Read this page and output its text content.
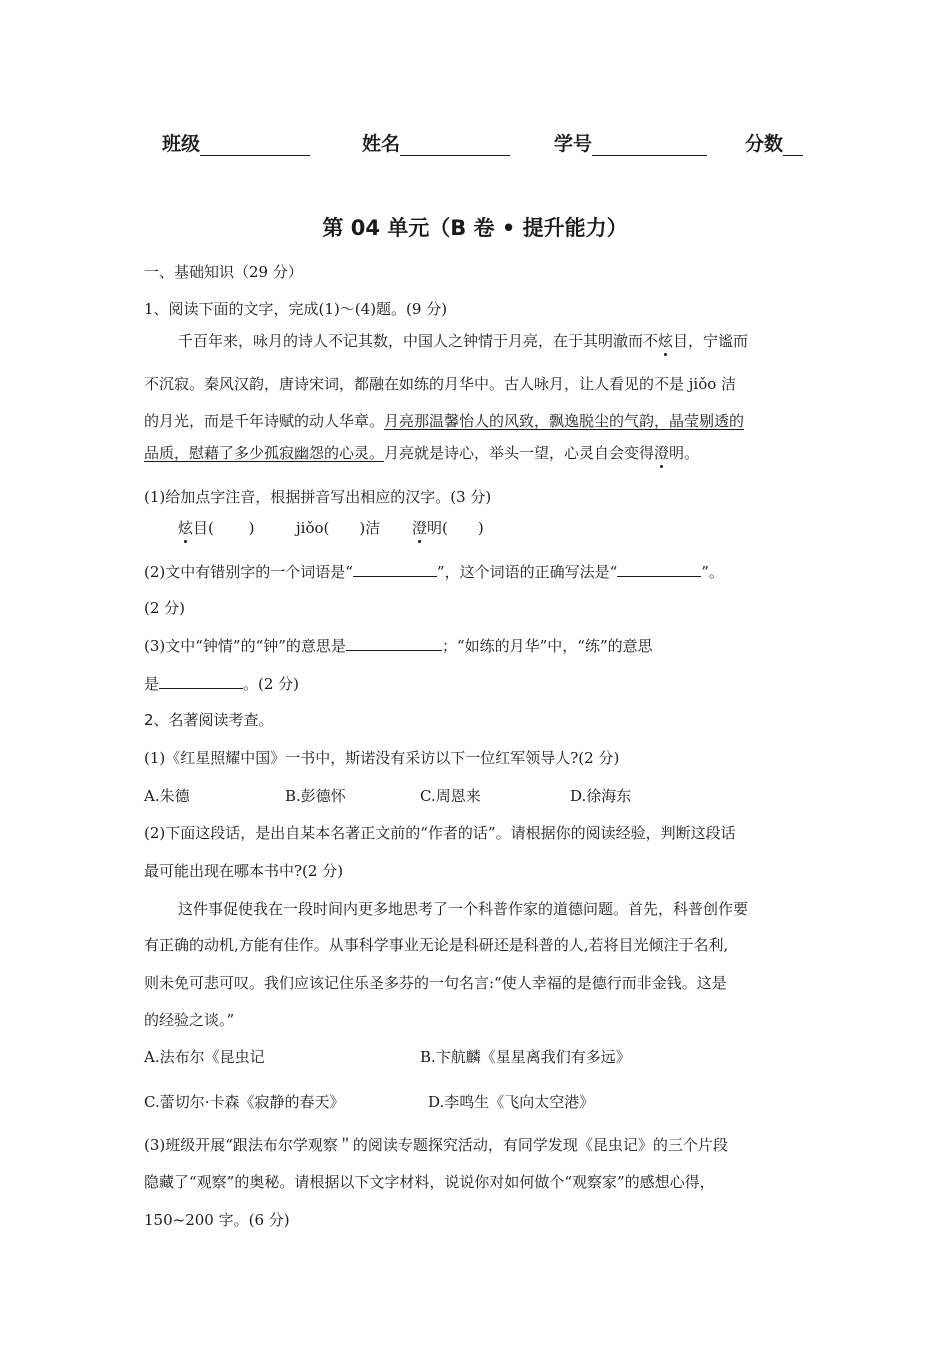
班级	姓名	学号	分数
第 04 单元（B 卷 • 提升能力）
一、基础知识（29 分）
1、阅读下面的文字，完成(1)～(4)题。(9 分)
千百年来，咏月的诗人不记其数，中国人之钟情于月亮，在于其明澈而不炫目，宁谧而
不沉寂。秦风汉韵，唐诗宋词，都融在如练的月华中。古人咏月，让人看见的不是 jiǒo 洁
的月光，而是千年诗赋的动人华章。月亮那温馨怡人的风致，飘逸脱尘的气韵，晶莹剔透的
品质，慰藉了多少孤寂幽怨的心灵。月亮就是诗心，举头一望，心灵自会变得澄明。
(1)给加点字注音，根据拼音写出相应的汉字。(3 分)
炫目(　　 )	jiǒo(　　)洁 澄明(　　)
(2)文中有错别字的一个词语是“	”，这个词语的正确写法是“	”。
(2 分)
(3)文中“钟情”的“钟”的意思是	；“如练的月华”中，“练”的意思
是	。(2 分)
2、名著阅读考查。
(1)《红星照耀中国》一书中，斯诺没有采访以下一位红军领导人?(2 分)
A.朱德	B.彭德怀	C.周恩来	D.徐海东
(2)下面这段话，是出自某本名著正文前的“作者的话”。请根据你的阅读经验，判断这段话
最可能出现在哪本书中?(2 分)
这件事促使我在一段时间内更多地思考了一个科普作家的道德问题。首先，科普创作要
有正确的动机,方能有佳作。从事科学事业无论是科研还是科普的人,若将目光倾注于名利,
则未免可悲可叹。我们应该记住乐圣多芬的一句名言:“使人幸福的是德行而非金钱。这是
的经验之谈。”
A.法布尔《昆虫记	B.卞航麟《星星离我们有多远》
C.蕾切尔·卡森《寂静的春天》	D.李鸣生《飞向太空港》
(3)班级开展“跟法布尔学观察＂的阅读专题探究活动，有同学发现《昆虫记》的三个片段
隐藏了“观察”的奥秘。请根据以下文字材料，说说你对如何做个“观察家”的感想心得，
150~200 字。(6 分)
